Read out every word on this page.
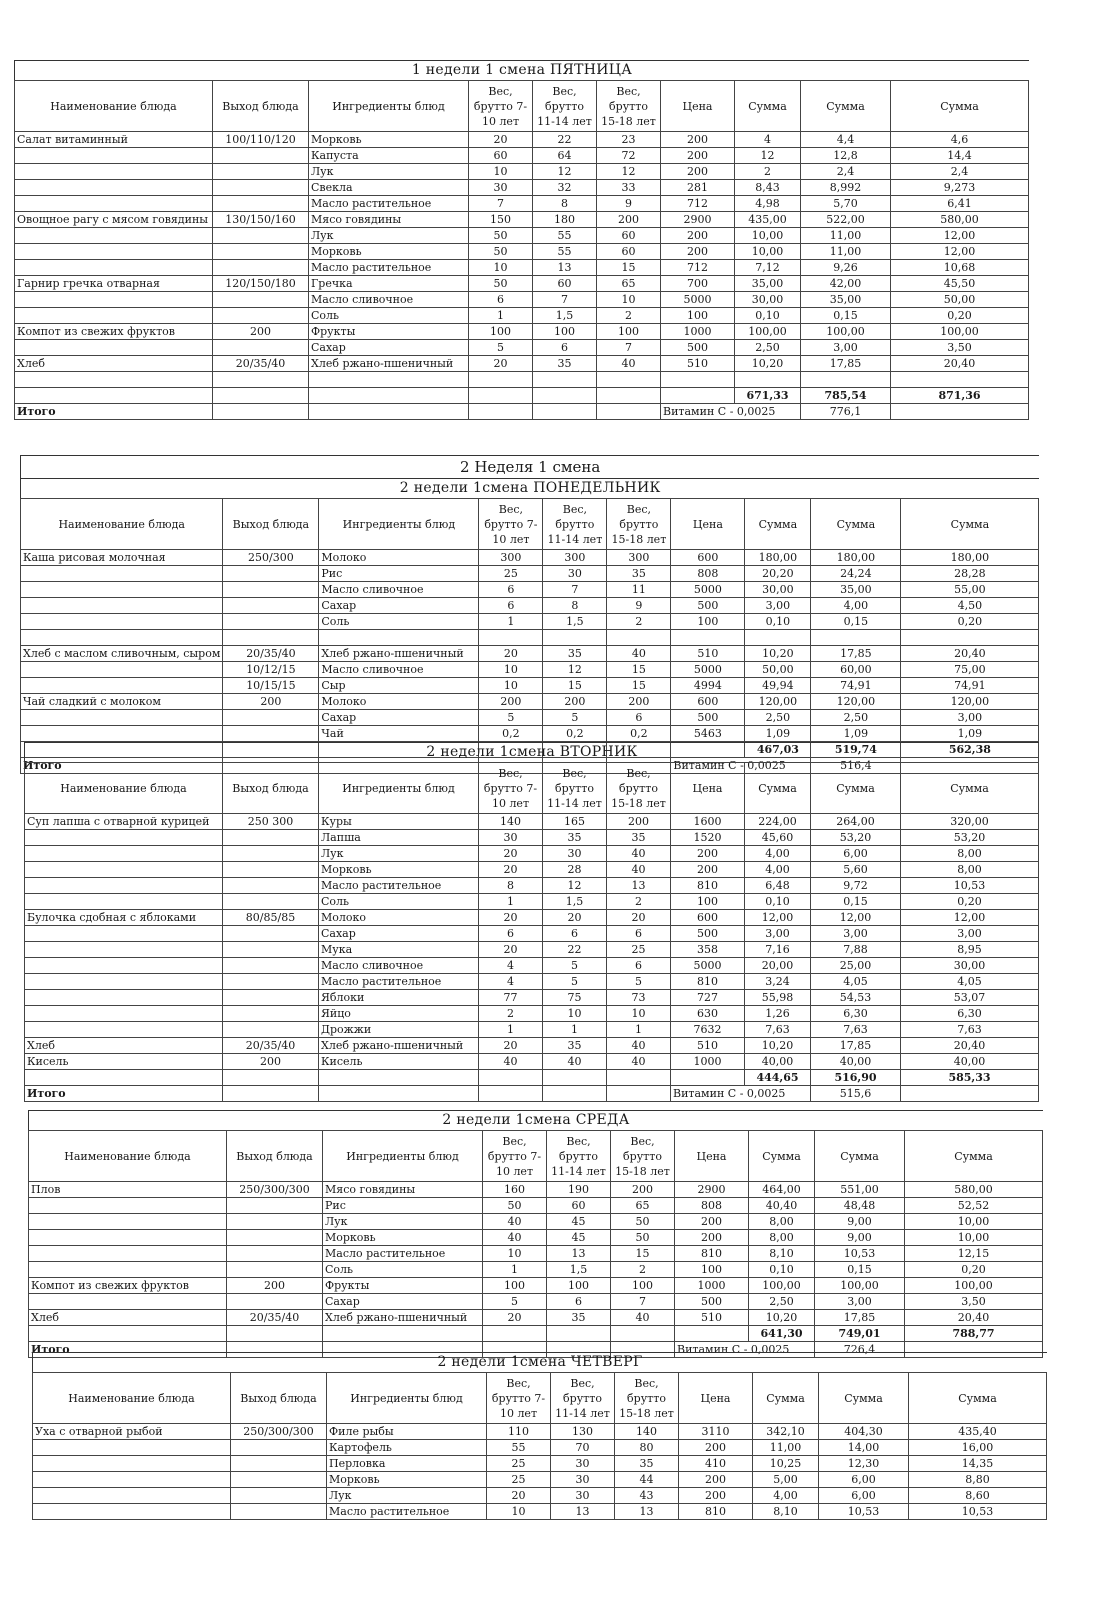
1 недели 1 смена ПЯТНИЦА
Наименование блюда	Выход блюда	Ингредиенты блюд	Вес, брутто 7-10 лет	Вес, брутто 11-14 лет	Вес, брутто 15-18 лет	Цена	Сумма	Сумма	Сумма
Салат витаминный	100/110/120	Морковь	20	22	23	200	4	4,4	4,6
		Капуста	60	64	72	200	12	12,8	14,4
		Лук	10	12	12	200	2	2,4	2,4
		Свекла	30	32	33	281	8,43	8,992	9,273
		Масло растительное	7	8	9	712	4,98	5,70	6,41
Овощное рагу с мясом говядины	130/150/160	Мясо говядины	150	180	200	2900	435,00	522,00	580,00
		Лук	50	55	60	200	10,00	11,00	12,00
		Морковь	50	55	60	200	10,00	11,00	12,00
		Масло растительное	10	13	15	712	7,12	9,26	10,68
Гарнир гречка отварная	120/150/180	Гречка	50	60	65	700	35,00	42,00	45,50
		Масло сливочное	6	7	10	5000	30,00	35,00	50,00
		Соль	1	1,5	2	100	0,10	0,15	0,20
Компот из свежих фруктов	200	Фрукты	100	100	100	1000	100,00	100,00	100,00
		Сахар	5	6	7	500	2,50	3,00	3,50
Хлеб	20/35/40	Хлеб ржано-пшеничный	20	35	40	510	10,20	17,85	20,40

							671,33	785,54	871,36
Итого						Витамин С - 0,0025		776,1	
2 Неделя 1 смена
2 недели 1смена ПОНЕДЕЛЬНИК
Наименование блюда	Выход блюда	Ингредиенты блюд	Вес, брутто 7-10 лет	Вес, брутто 11-14 лет	Вес, брутто 15-18 лет	Цена	Сумма	Сумма	Сумма
Каша рисовая молочная	250/300	Молоко	300	300	300	600	180,00	180,00	180,00
		Рис	25	30	35	808	20,20	24,24	28,28
		Масло сливочное	6	7	11	5000	30,00	35,00	55,00
		Сахар	6	8	9	500	3,00	4,00	4,50
		Соль	1	1,5	2	100	0,10	0,15	0,20

Хлеб с маслом сливочным, сыром	20/35/40	Хлеб ржано-пшеничный	20	35	40	510	10,20	17,85	20,40
	10/12/15	Масло сливочное	10	12	15	5000	50,00	60,00	75,00
	10/15/15	Сыр	10	15	15	4994	49,94	74,91	74,91
Чай сладкий с молоком	200	Молоко	200	200	200	600	120,00	120,00	120,00
		Сахар	5	5	6	500	2,50	2,50	3,00
		Чай	0,2	0,2	0,2	5463	1,09	1,09	1,09
							467,03	519,74	562,38
Итого						Витамин С - 0,0025		516,4	
2 недели 1смена ВТОРНИК
Наименование блюда	Выход блюда	Ингредиенты блюд	Вес, брутто 7-10 лет	Вес, брутто 11-14 лет	Вес, брутто 15-18 лет	Цена	Сумма	Сумма	Сумма
Суп лапша с отварной курицей	250 300	Куры	140	165	200	1600	224,00	264,00	320,00
		Лапша	30	35	35	1520	45,60	53,20	53,20
		Лук	20	30	40	200	4,00	6,00	8,00
		Морковь	20	28	40	200	4,00	5,60	8,00
		Масло растительное	8	12	13	810	6,48	9,72	10,53
		Соль	1	1,5	2	100	0,10	0,15	0,20
Булочка сдобная с яблоками	80/85/85	Молоко	20	20	20	600	12,00	12,00	12,00
		Сахар	6	6	6	500	3,00	3,00	3,00
		Мука	20	22	25	358	7,16	7,88	8,95
		Масло сливочное	4	5	6	5000	20,00	25,00	30,00
		Масло растительное	4	5	5	810	3,24	4,05	4,05
		Яблоки	77	75	73	727	55,98	54,53	53,07
		Яйцо	2	10	10	630	1,26	6,30	6,30
		Дрожжи	1	1	1	7632	7,63	7,63	7,63
Хлеб	20/35/40	Хлеб ржано-пшеничный	20	35	40	510	10,20	17,85	20,40
Кисель	200	Кисель	40	40	40	1000	40,00	40,00	40,00
							444,65	516,90	585,33
Итого						Витамин С - 0,0025		515,6	
2 недели 1смена СРЕДА
Наименование блюда	Выход блюда	Ингредиенты блюд	Вес, брутто 7-10 лет	Вес, брутто 11-14 лет	Вес, брутто 15-18 лет	Цена	Сумма	Сумма	Сумма
Плов	250/300/300	Мясо говядины	160	190	200	2900	464,00	551,00	580,00
		Рис	50	60	65	808	40,40	48,48	52,52
		Лук	40	45	50	200	8,00	9,00	10,00
		Морковь	40	45	50	200	8,00	9,00	10,00
		Масло растительное	10	13	15	810	8,10	10,53	12,15
		Соль	1	1,5	2	100	0,10	0,15	0,20
Компот из свежих фруктов	200	Фрукты	100	100	100	1000	100,00	100,00	100,00
		Сахар	5	6	7	500	2,50	3,00	3,50
Хлеб	20/35/40	Хлеб ржано-пшеничный	20	35	40	510	10,20	17,85	20,40
							641,30	749,01	788,77
Итого						Витамин С - 0,0025		726,4	
2 недели 1смена ЧЕТВЕРГ
Наименование блюда	Выход блюда	Ингредиенты блюд	Вес, брутто 7-10 лет	Вес, брутто 11-14 лет	Вес, брутто 15-18 лет	Цена	Сумма	Сумма	Сумма
Уха с отварной рыбой	250/300/300	Филе рыбы	110	130	140	3110	342,10	404,30	435,40
		Картофель	55	70	80	200	11,00	14,00	16,00
		Перловка	25	30	35	410	10,25	12,30	14,35
		Морковь	25	30	44	200	5,00	6,00	8,80
		Лук	20	30	43	200	4,00	6,00	8,60
		Масло растительное	10	13	13	810	8,10	10,53	10,53
